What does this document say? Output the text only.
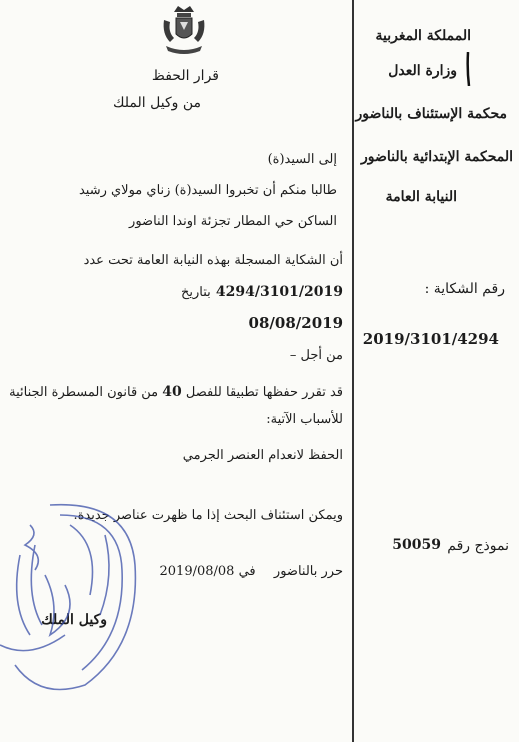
المملكة المغربية
وزارة العدل
محكمة الإستئناف بالناضور
المحكمة الإبتدائية بالناضور
النيابة العامة
رقم الشكاية :
2019/3101/4294
نموذج رقم
50059
قرار الحفظ
من وكيل الملك
إلى السيد(ة)
طالبا منكم أن تخبروا السيد(ة) زناي مولاي رشيد
الساكن حي المطار تجزئة اوندا الناضور
أن الشكاية المسجلة بهذه النيابة العامة تحت عدد
4294/3101/2019 بتاريخ
08/08/2019
من أجل –
قد تقرر حفظها تطبيقا للفصل 40 من قانون المسطرة الجنائية
للأسباب الآتية:
الحفظ لانعدام العنصر الجرمي
ويمكن استئناف البحث إذا ما ظهرت عناصر جديدة.
حرر بالناضور  في 2019/08/08
وكيل الملك
